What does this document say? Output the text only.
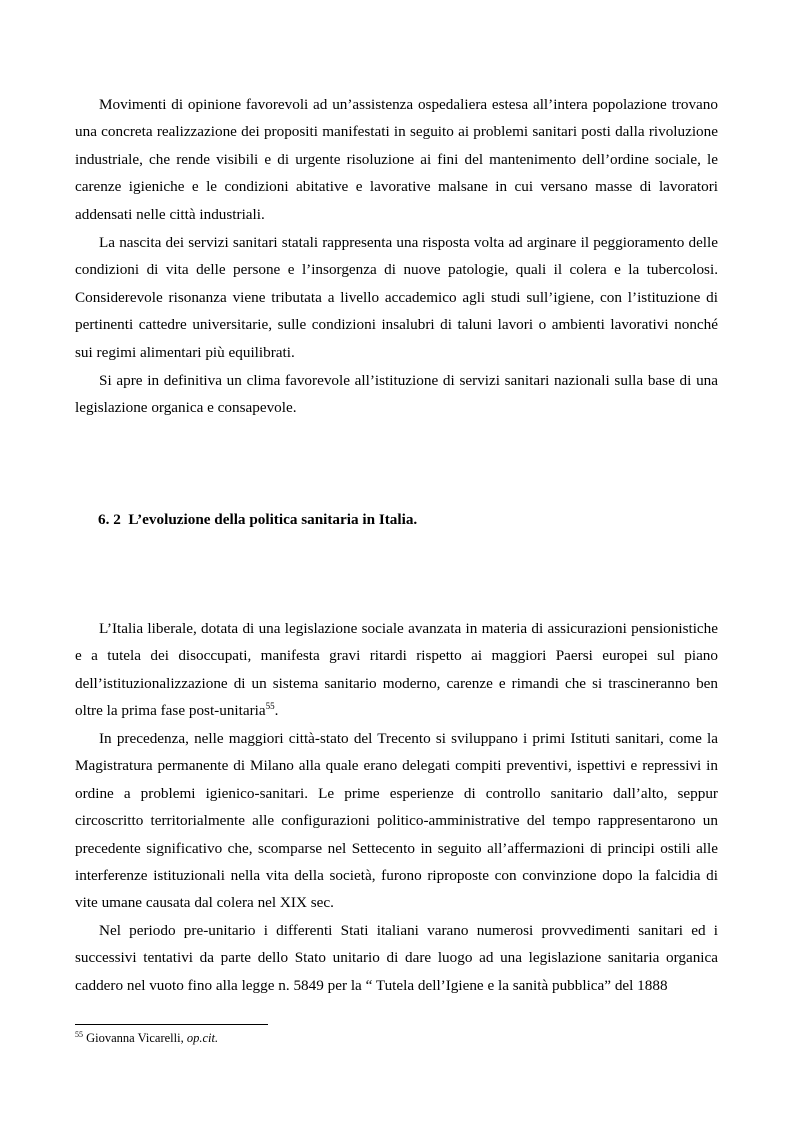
Movimenti di opinione favorevoli ad un’assistenza ospedaliera estesa all’intera popolazione trovano una concreta realizzazione dei propositi manifestati in seguito ai problemi sanitari posti dalla rivoluzione industriale, che rende visibili e di urgente risoluzione ai fini del mantenimento dell’ordine sociale, le carenze igieniche e le condizioni abitative e lavorative malsane in cui versano masse di lavoratori addensati nelle città industriali.

La nascita dei servizi sanitari statali rappresenta una risposta volta ad arginare il peggioramento delle condizioni di vita delle persone e l’insorgenza di nuove patologie, quali il colera e la tubercolosi. Considerevole risonanza viene tributata a livello accademico agli studi sull’igiene, con l’istituzione di pertinenti cattedre universitarie, sulle condizioni insalubri di taluni lavori o ambienti lavorativi nonché sui regimi alimentari più equilibrati.

Si apre in definitiva un clima favorevole all’istituzione di servizi sanitari nazionali sulla base di una legislazione organica e consapevole.

6. 2  L’evoluzione della politica sanitaria in Italia.

L’Italia liberale, dotata di una legislazione sociale avanzata in materia di assicurazioni pensionistiche e a tutela dei disoccupati, manifesta gravi ritardi rispetto ai maggiori Paersi europei sul piano dell’istituzionalizzazione di un sistema sanitario moderno, carenze e rimandi che si trascineranno ben oltre la prima fase post-unitaria$^{55}$.

In precedenza, nelle maggiori città-stato del Trecento si sviluppano i primi Istituti sanitari, come la Magistratura permanente di Milano alla quale erano delegati compiti preventivi, ispettivi e repressivi in ordine a problemi igienico-sanitari. Le prime esperienze di controllo sanitario dall’alto, seppur circoscritto territorialmente alle configurazioni politico-amministrative del tempo rappresentarono un precedente significativo che, scomparse nel Settecento in seguito all’affermazioni di principi ostili alle interferenze istituzionali nella vita della società, furono riproposte con convinzione dopo la falcidia di vite umane causata dal colera nel XIX sec.

Nel periodo pre-unitario i differenti Stati italiani varano numerosi provvedimenti sanitari ed i successivi tentativi da parte dello Stato unitario di dare luogo ad una legislazione sanitaria organica caddero nel vuoto fino alla legge n. 5849 per la “ Tutela dell’Igiene e la sanità pubblica” del 1888

$^{55}$ Giovanna Vicarelli, op.cit.
